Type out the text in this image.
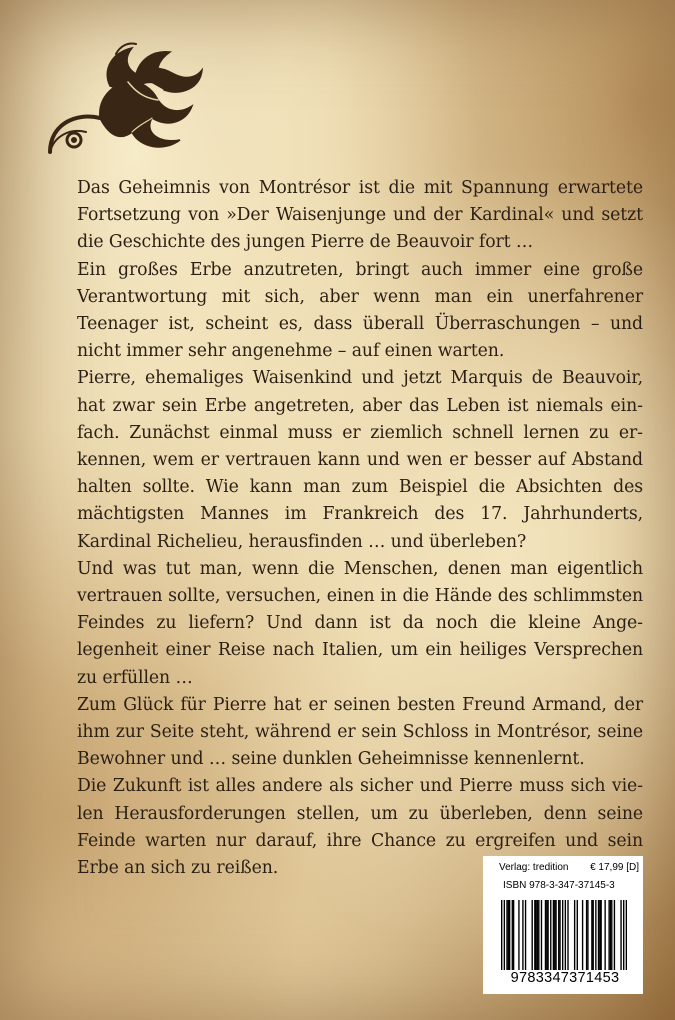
Das Geheimnis von Montrésor ist die mit Spannung erwartete Fortsetzung von »Der Waisenjunge und der Kardinal« und setzt die Geschichte des jungen Pierre de Beauvoir fort …

Ein großes Erbe anzutreten, bringt auch immer eine große Verantwortung mit sich, aber wenn man ein unerfahrener Teenager ist, scheint es, dass überall Überraschungen – und nicht immer sehr angenehme – auf einen warten.

Pierre, ehemaliges Waisenkind und jetzt Marquis de Beauvoir, hat zwar sein Erbe angetreten, aber das Leben ist niemals einfach. Zunächst einmal muss er ziemlich schnell lernen zu erkennen, wem er vertrauen kann und wen er besser auf Abstand halten sollte. Wie kann man zum Beispiel die Absichten des mächtigsten Mannes im Frankreich des 17. Jahrhunderts, Kardinal Richelieu, herausfinden … und überleben?

Und was tut man, wenn die Menschen, denen man eigentlich vertrauen sollte, versuchen, einen in die Hände des schlimmsten Feindes zu liefern? Und dann ist da noch die kleine Angelegenheit einer Reise nach Italien, um ein heiliges Versprechen zu erfüllen …

Zum Glück für Pierre hat er seinen besten Freund Armand, der ihm zur Seite steht, während er sein Schloss in Montrésor, seine Bewohner und … seine dunklen Geheimnisse kennenlernt.

Die Zukunft ist alles andere als sicher und Pierre muss sich vielen Herausforderungen stellen, um zu überleben, denn seine Feinde warten nur darauf, ihre Chance zu ergreifen und sein Erbe an sich zu reißen.	Verlag: tredition € 17,99 [D]
ISBN 978-3-347-37145-3
9783347371453
